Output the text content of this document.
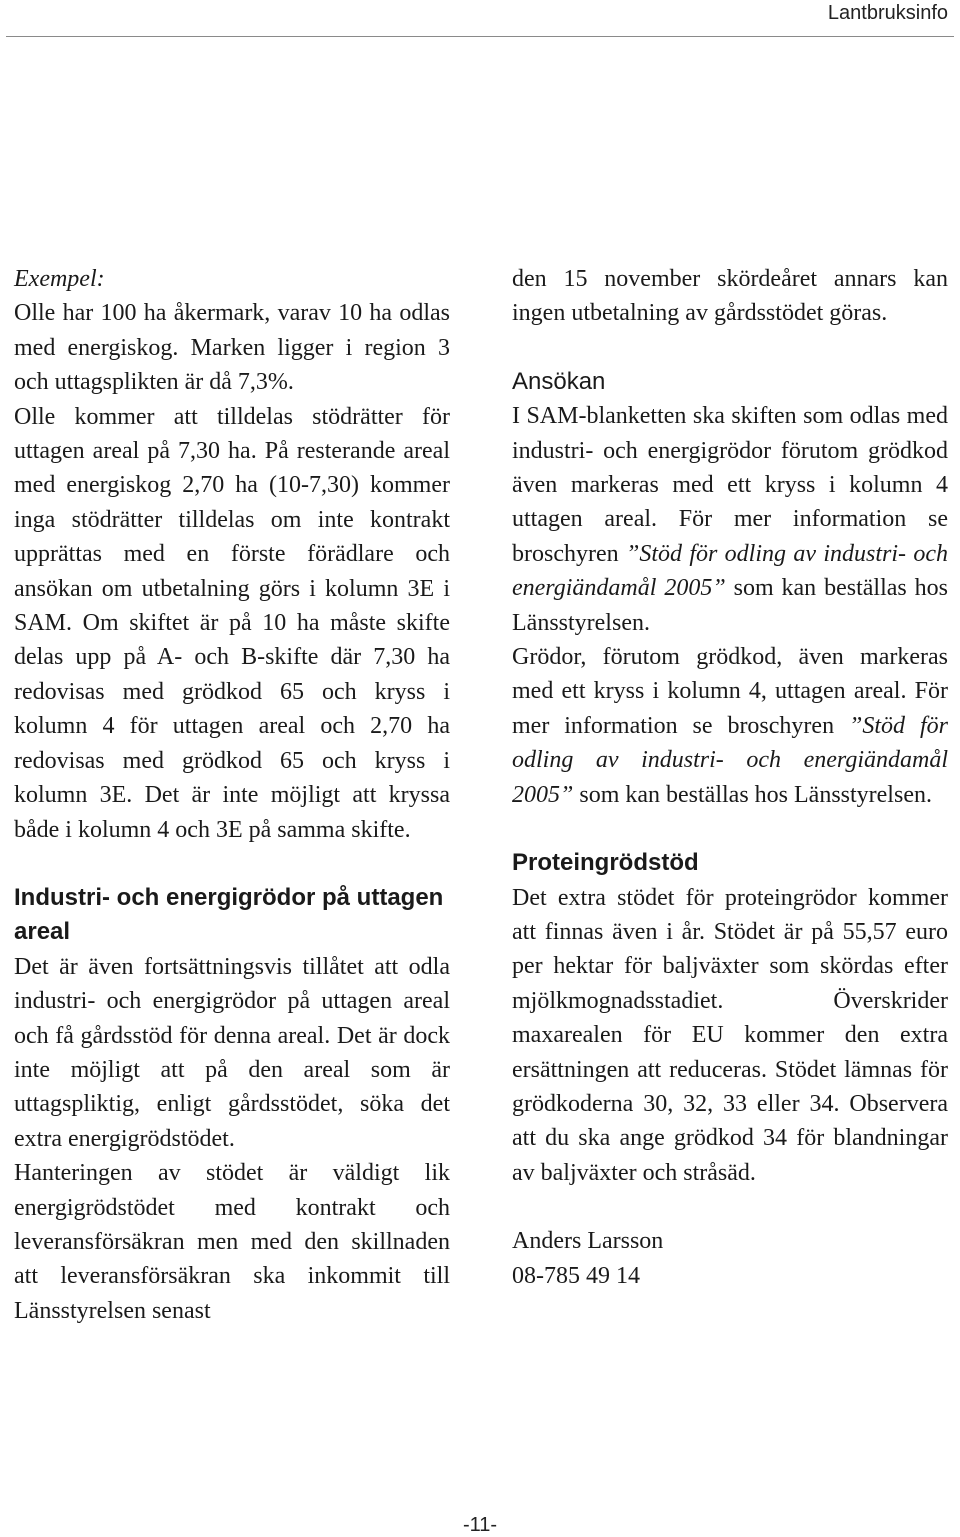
Lantbruksinfo

Exempel:

Olle har 100 ha åkermark, varav 10 ha odlas med energiskog. Marken ligger i region 3 och uttagsplikten är då 7,3%.

Olle kommer att tilldelas stödrätter för uttagen areal på 7,30 ha. På resterande areal med energiskog 2,70 ha (10-7,30) kommer inga stödrätter tilldelas om inte kontrakt upprättas med en förste förädlare och ansökan om utbetalning görs i kolumn 3E i SAM. Om skiftet är på 10 ha måste skifte delas upp på A- och B-skifte där 7,30 ha redovisas med grödkod 65 och kryss i kolumn 4 för uttagen areal och 2,70 ha redovisas med grödkod 65 och kryss i kolumn 3E. Det är inte möjligt att kryssa både i kolumn 4 och 3E på samma skifte.

Industri- och energigrödor på uttagen areal

Det är även fortsättningsvis tillåtet att odla industri- och energigrödor på uttagen areal och få gårdsstöd för denna areal. Det är dock inte möjligt att på den areal som är uttagspliktig, enligt gårdsstödet, söka det extra energigrödstödet.

Hanteringen av stödet är väldigt lik energigrödstödet med kontrakt och leveransförsäkran men med den skillnaden att leveransförsäkran ska inkommit till Länsstyrelsen senast

den 15 november skördeåret annars kan ingen utbetalning av gårdsstödet göras.

Ansökan

I SAM-blanketten ska skiften som odlas med industri- och energigrödor förutom grödkod även markeras med ett kryss i kolumn 4 uttagen areal. För mer information se broschyren ”Stöd för odling av industri- och energiändamål 2005” som kan beställas hos Länsstyrelsen.

Grödor, förutom grödkod, även markeras med ett kryss i kolumn 4, uttagen areal. För mer information se broschyren ”Stöd för odling av industri- och energiändamål 2005” som kan beställas hos Länsstyrelsen.

Proteingrödstöd

Det extra stödet för proteingrödor kommer att finnas även i år. Stödet är på 55,57 euro per hektar för baljväxter som skördas efter mjölkmognadsstadiet. Överskrider maxarealen för EU kommer den extra ersättningen att reduceras. Stödet lämnas för grödkoderna 30, 32, 33 eller 34. Observera att du ska ange grödkod 34 för blandningar av baljväxter och stråsäd.

Anders Larsson

08-785 49 14

-11-
